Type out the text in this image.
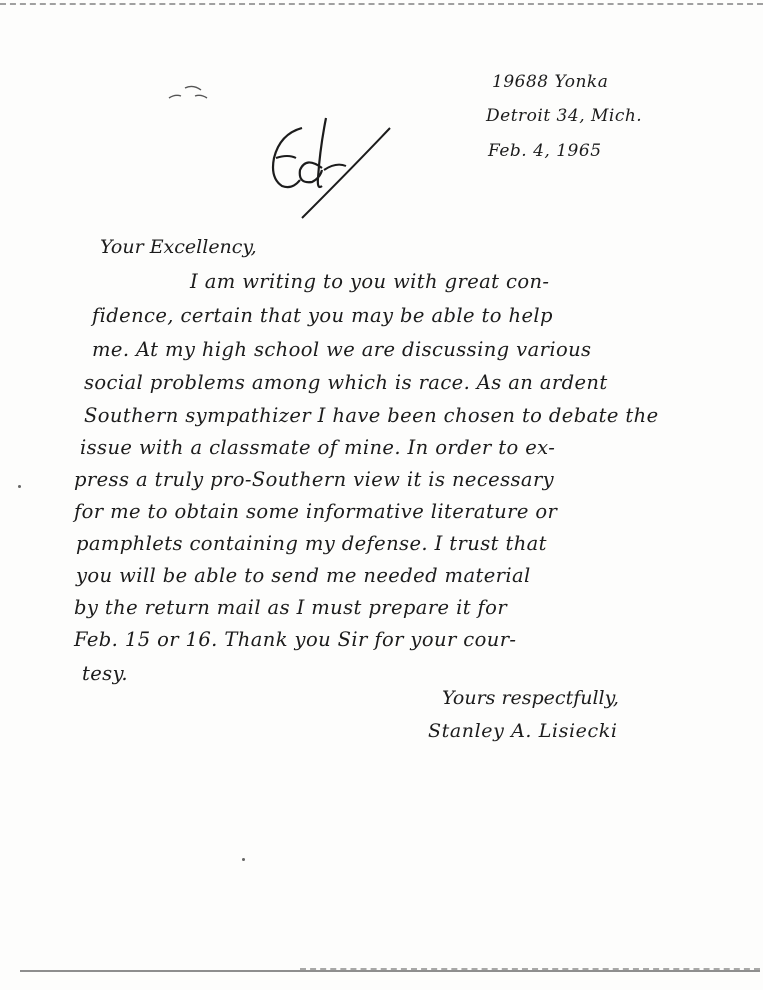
19688 Yonka
Detroit 34, Mich.
Feb. 4, 1965
Your Excellency,
I am writing to you with great con-
fidence, certain that you may be able to help
me. At my high school we are discussing various
social problems among which is race. As an ardent
Southern sympathizer I have been chosen to debate the
issue with a classmate of mine. In order to ex-
press a truly pro-Southern view it is necessary
for me to obtain some informative literature or
pamphlets containing my defense. I trust that
you will be able to send me needed material
by the return mail as I must prepare it for
Feb. 15 or 16. Thank you Sir for your cour-
tesy.
Yours respectfully,
Stanley A. Lisiecki
